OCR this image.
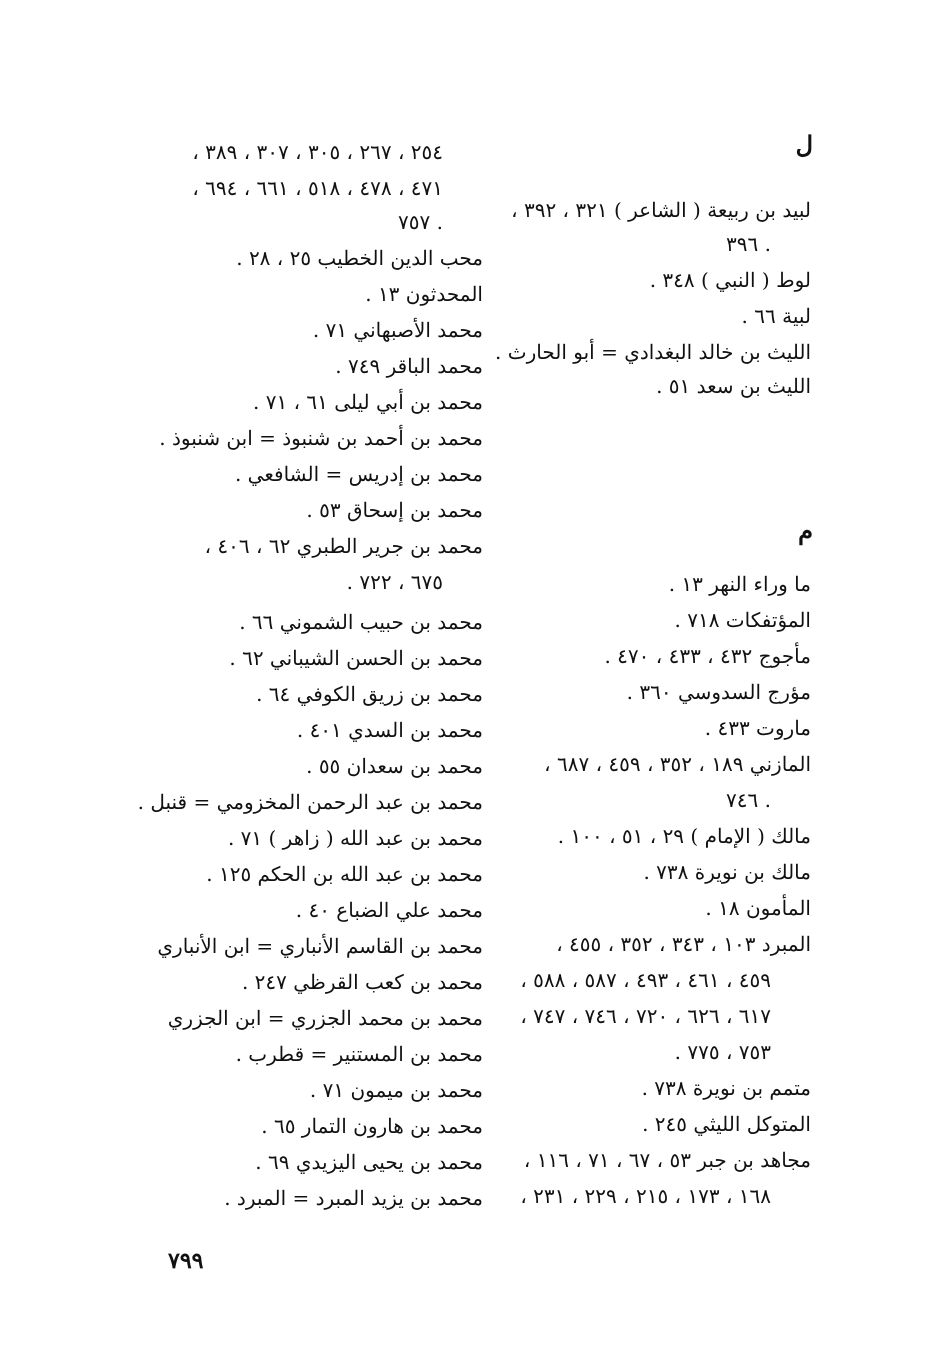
ل
لبيد بن ربيعة ( الشاعر ) ٣٢١ ، ٣٩٢ ،
. ٣٩٦
لوط ( النبي ) ٣٤٨ .
لبية ٦٦ .
الليث بن خالد البغدادي = أبو الحارث .
الليث بن سعد ٥١ .
م
ما وراء النهر ١٣ .
المؤتفكات ٧١٨ .
مأجوج ٤٣٢ ، ٤٣٣ ، ٤٧٠ .
مؤرج السدوسي ٣٦٠ .
ماروت ٤٣٣ .
المازني ١٨٩ ، ٣٥٢ ، ٤٥٩ ، ٦٨٧ ،
. ٧٤٦
مالك ( الإمام ) ٢٩ ، ٥١ ، ١٠٠ .
مالك بن نويرة ٧٣٨ .
المأمون ١٨ .
المبرد ١٠٣ ، ٣٤٣ ، ٣٥٢ ، ٤٥٥ ،
٤٥٩ ، ٤٦١ ، ٤٩٣ ، ٥٨٧ ، ٥٨٨ ،
٦١٧ ، ٦٢٦ ، ٧٢٠ ، ٧٤٦ ، ٧٤٧ ،
٧٥٣ ، ٧٧٥ .
متمم بن نويرة ٧٣٨ .
المتوكل الليثي ٢٤٥ .
مجاهد بن جبر ٥٣ ، ٦٧ ، ٧١ ، ١١٦ ،
١٦٨ ، ١٧٣ ، ٢١٥ ، ٢٢٩ ، ٢٣١ ،
٢٥٤ ، ٢٦٧ ، ٣٠٥ ، ٣٠٧ ، ٣٨٩ ،
٤٧١ ، ٤٧٨ ، ٥١٨ ، ٦٦١ ، ٦٩٤ ،
. ٧٥٧
محب الدين الخطيب ٢٥ ، ٢٨ .
المحدثون ١٣ .
محمد الأصبهاني ٧١ .
محمد الباقر ٧٤٩ .
محمد بن أبي ليلى ٦١ ، ٧١ .
محمد بن أحمد بن شنبوذ = ابن شنبوذ .
محمد بن إدريس = الشافعي .
محمد بن إسحاق ٥٣ .
محمد بن جرير الطبري ٦٢ ، ٤٠٦ ،
٦٧٥ ، ٧٢٢ .
محمد بن حبيب الشموني ٦٦ .
محمد بن الحسن الشيباني ٦٢ .
محمد بن زريق الكوفي ٦٤ .
محمد بن السدي ٤٠١ .
محمد بن سعدان ٥٥ .
محمد بن عبد الرحمن المخزومي = قنبل .
محمد بن عبد الله ( زاهر ) ٧١ .
محمد بن عبد الله بن الحكم ١٢٥ .
محمد علي الضباع ٤٠ .
محمد بن القاسم الأنباري = ابن الأنباري
محمد بن كعب القرظي ٢٤٧ .
محمد بن محمد الجزري = ابن الجزري
محمد بن المستنير = قطرب .
محمد بن ميمون ٧١ .
محمد بن هارون التمار ٦٥ .
محمد بن يحيى اليزيدي ٦٩ .
محمد بن يزيد المبرد = المبرد .
٧٩٩
